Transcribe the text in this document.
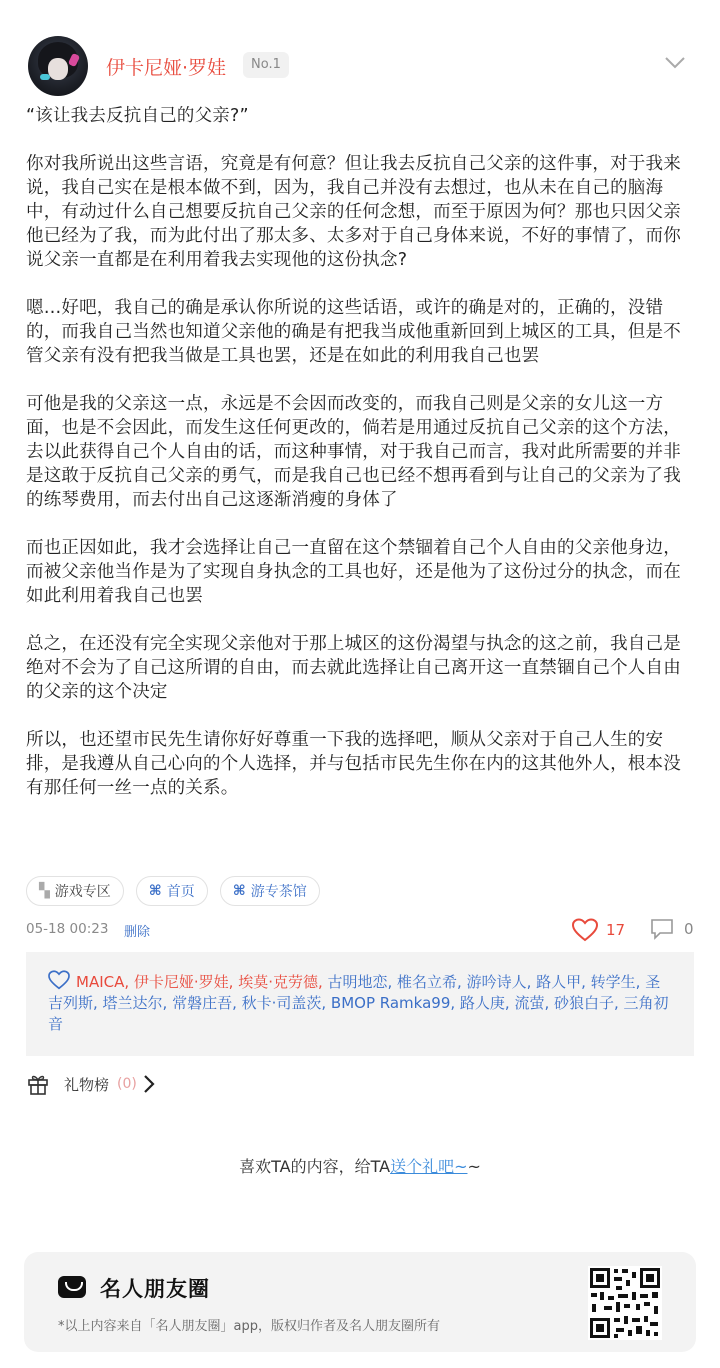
伊卡尼娅·罗娃	No.1

“该让我去反抗自己的父亲?”

你对我所说出这些言语，究竟是有何意？但让我去反抗自己父亲的这件事，对于我来说，我自己实在是根本做不到，因为，我自己并没有去想过，也从未在自己的脑海中，有动过什么自己想要反抗自己父亲的任何念想，而至于原因为何？那也只因父亲他已经为了我，而为此付出了那太多、太多对于自己身体来说，不好的事情了，而你说父亲一直都是在利用着我去实现他的这份执念?

嗯…好吧，我自己的确是承认你所说的这些话语，或许的确是对的，正确的，没错的，而我自己当然也知道父亲他的确是有把我当成他重新回到上城区的工具，但是不管父亲有没有把我当做是工具也罢，还是在如此的利用我自己也罢

可他是我的父亲这一点，永远是不会因而改变的，而我自己则是父亲的女儿这一方面，也是不会因此，而发生这任何更改的，倘若是用通过反抗自己父亲的这个方法，去以此获得自己个人自由的话，而这种事情，对于我自己而言，我对此所需要的并非是这敢于反抗自己父亲的勇气，而是我自己也已经不想再看到与让自己的父亲为了我的练琴费用，而去付出自己这逐渐消瘦的身体了

而也正因如此，我才会选择让自己一直留在这个禁锢着自己个人自由的父亲他身边，而被父亲他当作是为了实现自身执念的工具也好，还是他为了这份过分的执念，而在如此利用着我自己也罢

总之，在还没有完全实现父亲他对于那上城区的这份渴望与执念的这之前，我自己是绝对不会为了自己这所谓的自由，而去就此选择让自己离开这一直禁锢自己个人自由的父亲的这个决定

所以，也还望市民先生请你好好尊重一下我的选择吧，顺从父亲对于自己人生的安排，是我遵从自己心向的个人选择，并与包括市民先生你在内的这其他外人，根本没有那任何一丝一点的关系。

▚ 游戏专区	⌘ 首页	⌘ 游专茶馆
05-18 00:23 删除	17	0
MAICA, 伊卡尼娅·罗娃, 埃莫·克劳德, 古明地恋, 椎名立希, 游吟诗人, 路人甲, 转学生, 圣吉列斯, 塔兰达尔, 常磐庄吾, 秋卡·司盖茨, BMOP Ramka99, 路人庚, 流萤, 砂狼白子, 三角初音
礼物榜 (0)
喜欢TA的内容，给TA送个礼吧~~
名人朋友圈
*以上内容来自「名人朋友圈」app，版权归作者及名人朋友圈所有
